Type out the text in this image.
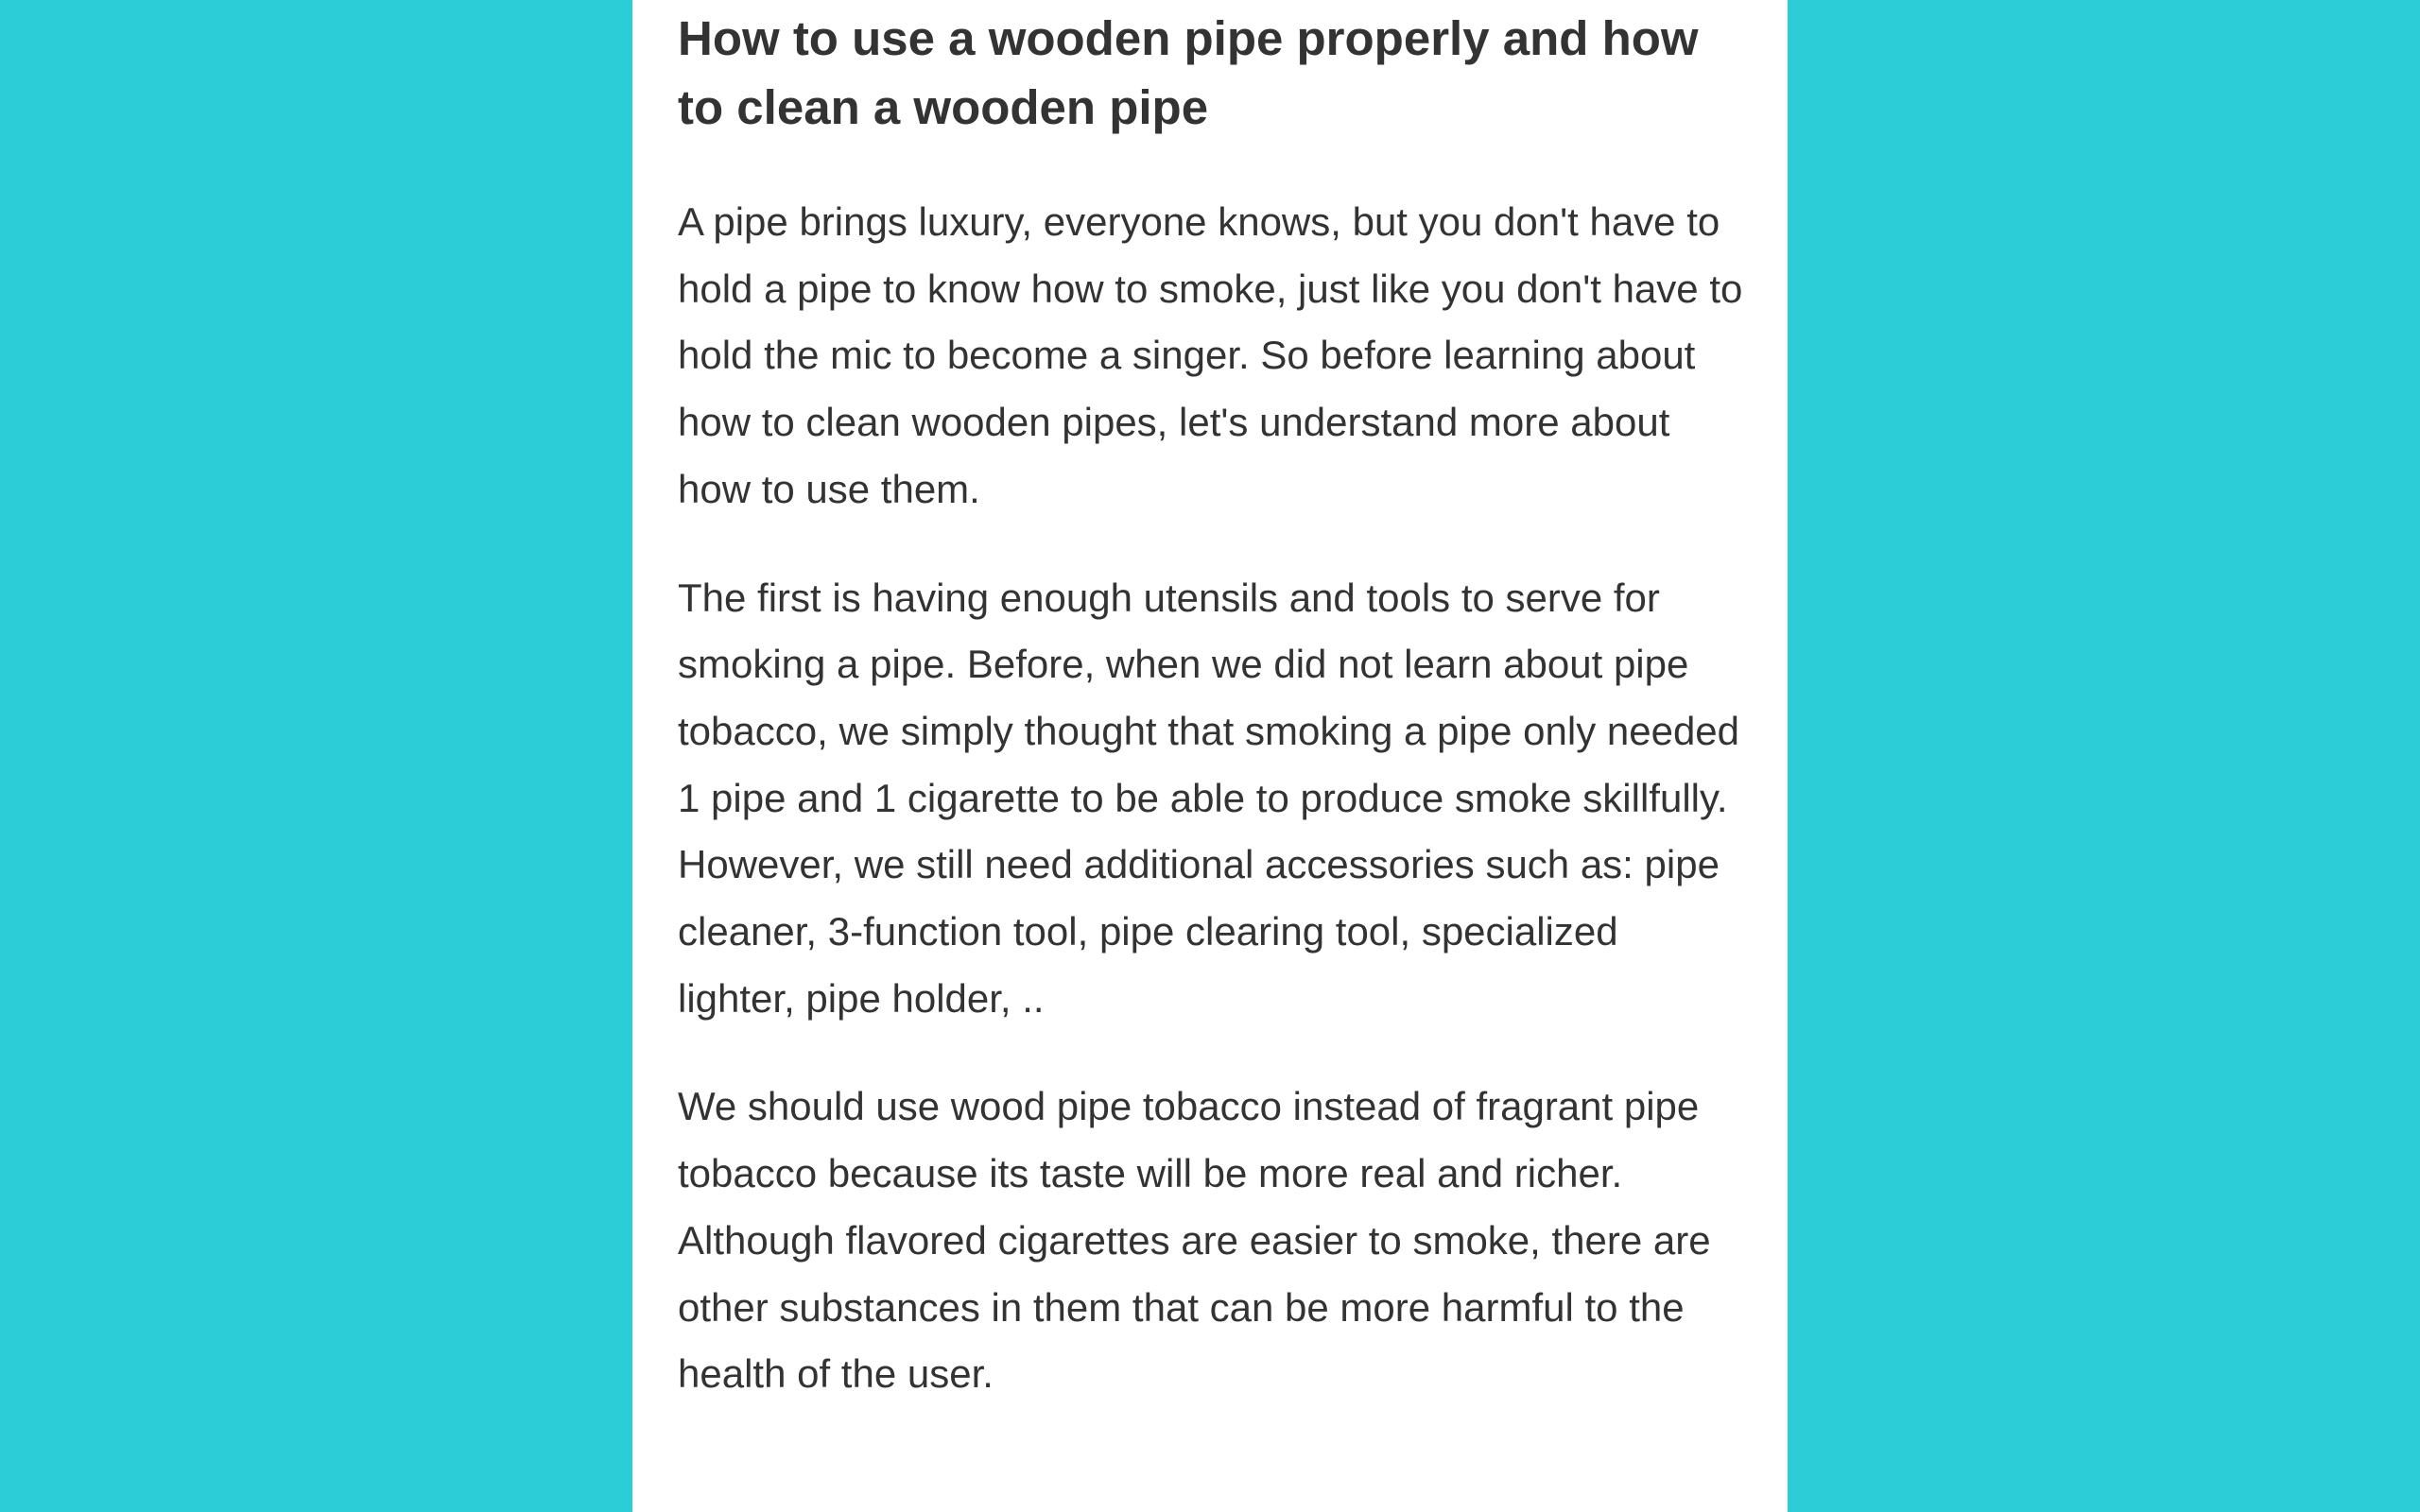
How to use a wooden pipe properly and how to clean a wooden pipe

A pipe brings luxury, everyone knows, but you don't have to hold a pipe to know how to smoke, just like you don't have to hold the mic to become a singer. So before learning about how to clean wooden pipes, let's understand more about how to use them.

The first is having enough utensils and tools to serve for smoking a pipe. Before, when we did not learn about pipe tobacco, we simply thought that smoking a pipe only needed 1 pipe and 1 cigarette to be able to produce smoke skillfully. However, we still need additional accessories such as: pipe cleaner, 3-function tool, pipe clearing tool, specialized lighter, pipe holder, ..

We should use wood pipe tobacco instead of fragrant pipe tobacco because its taste will be more real and richer. Although flavored cigarettes are easier to smoke, there are other substances in them that can be more harmful to the health of the user.
